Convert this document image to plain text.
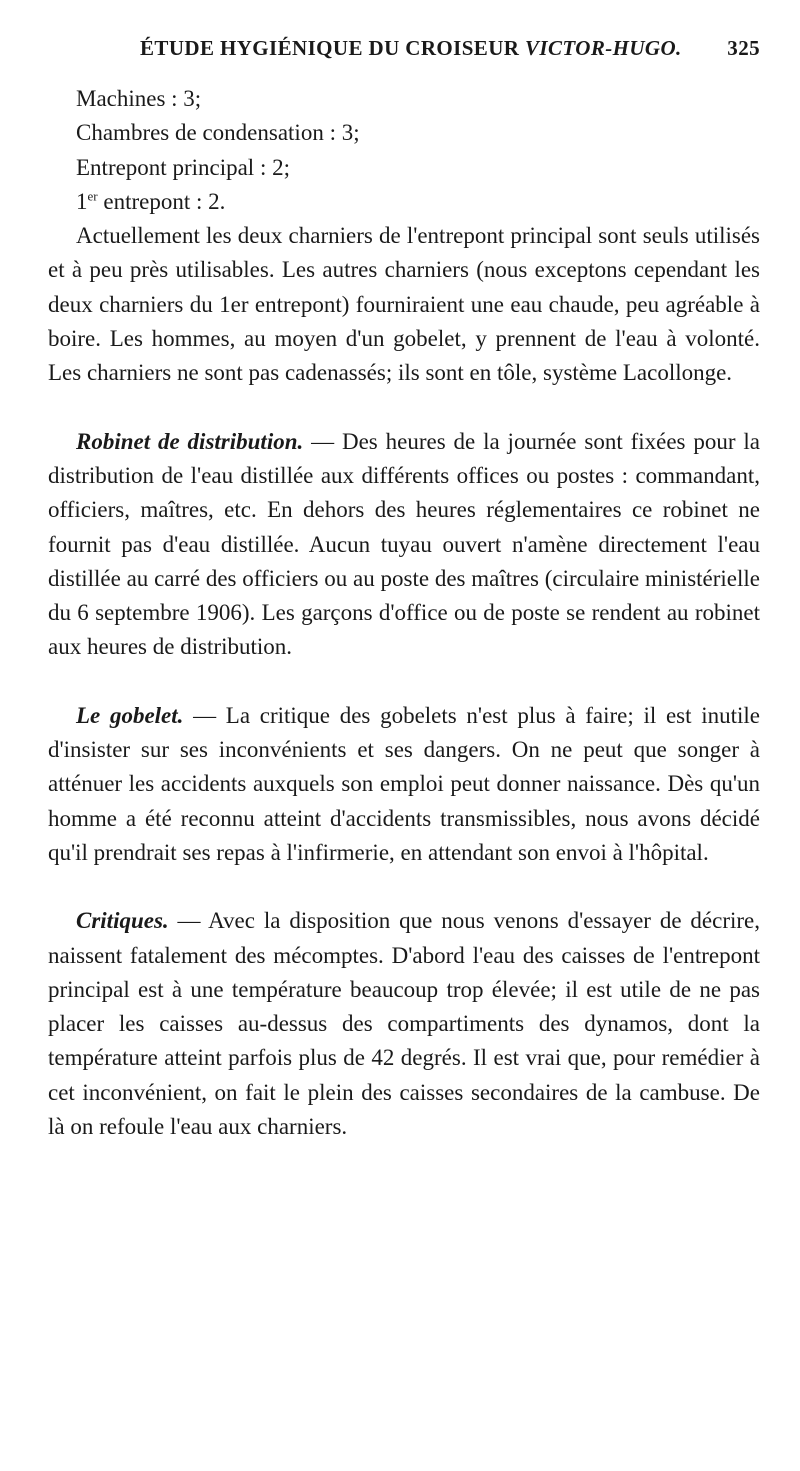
ÉTUDE HYGIÉNIQUE DU CROISEUR VICTOR-HUGO. 325

Machines : 3;

Chambres de condensation : 3;

Entrepont principal : 2;

1er entrepont : 2.

Actuellement les deux charniers de l'entrepont principal sont seuls utilisés et à peu près utilisables. Les autres charniers (nous exceptons cependant les deux charniers du 1er entrepont) fourniraient une eau chaude, peu agréable à boire. Les hommes, au moyen d'un gobelet, y prennent de l'eau à volonté. Les charniers ne sont pas cadenassés; ils sont en tôle, système Lacollonge.

Robinet de distribution. — Des heures de la journée sont fixées pour la distribution de l'eau distillée aux différents offices ou postes : commandant, officiers, maîtres, etc. En dehors des heures réglementaires ce robinet ne fournit pas d'eau distillée. Aucun tuyau ouvert n'amène directement l'eau distillée au carré des officiers ou au poste des maîtres (circulaire ministérielle du 6 septembre 1906). Les garçons d'office ou de poste se rendent au robinet aux heures de distribution.

Le gobelet. — La critique des gobelets n'est plus à faire; il est inutile d'insister sur ses inconvénients et ses dangers. On ne peut que songer à atténuer les accidents auxquels son emploi peut donner naissance. Dès qu'un homme a été reconnu atteint d'accidents transmissibles, nous avons décidé qu'il prendrait ses repas à l'infirmerie, en attendant son envoi à l'hôpital.

Critiques. — Avec la disposition que nous venons d'essayer de décrire, naissent fatalement des mécomptes. D'abord l'eau des caisses de l'entrepont principal est à une température beaucoup trop élevée; il est utile de ne pas placer les caisses au-dessus des compartiments des dynamos, dont la température atteint parfois plus de 42 degrés. Il est vrai que, pour remédier à cet inconvénient, on fait le plein des caisses secondaires de la cambuse. De là on refoule l'eau aux charniers.
